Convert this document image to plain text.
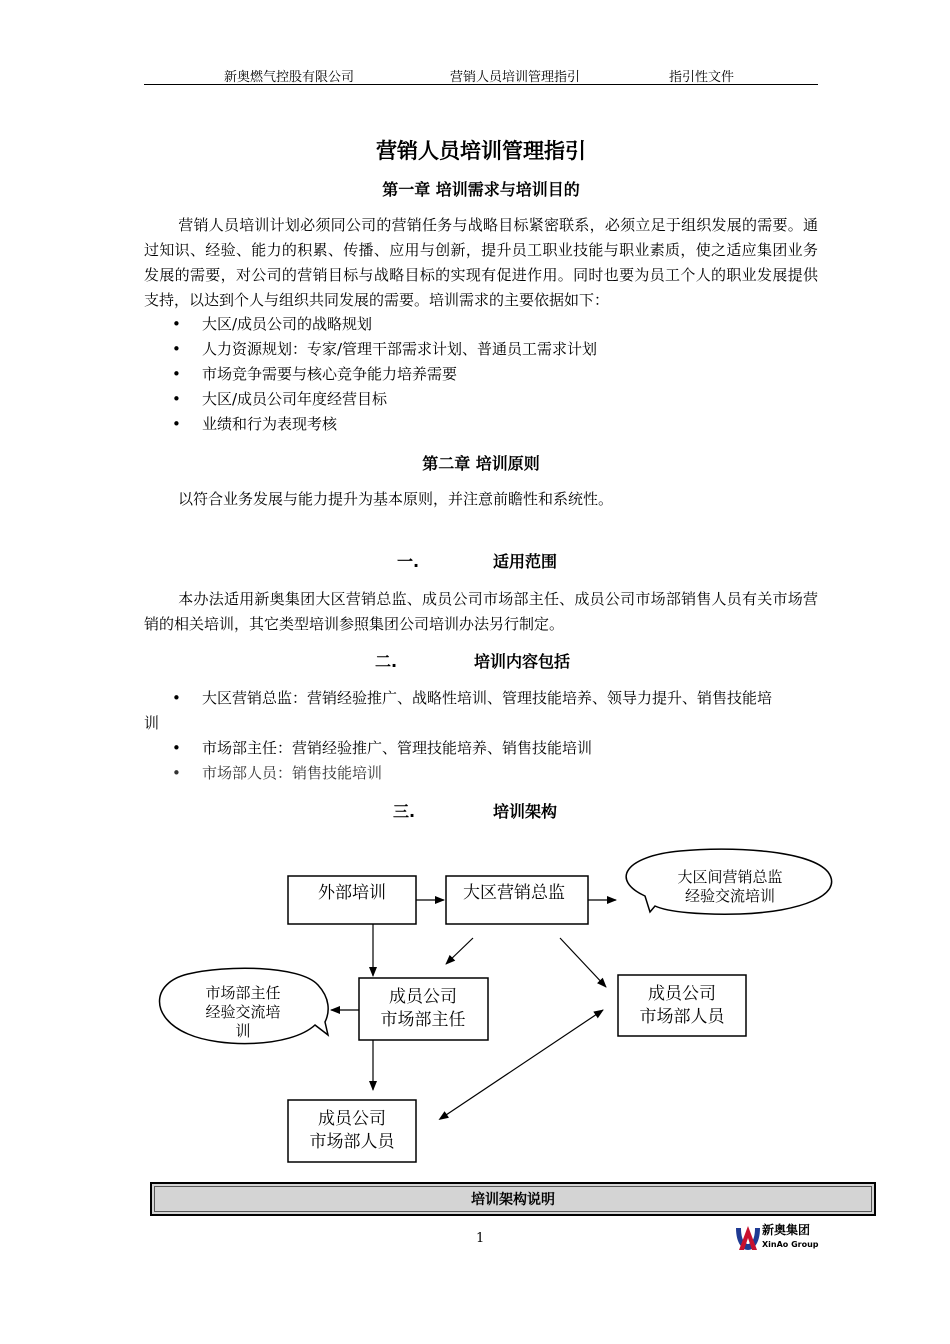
新奥燃气控股有限公司	营销人员培训管理指引	指引性文件
营销人员培训管理指引
第一章 培训需求与培训目的
营销人员培训计划必须同公司的营销任务与战略目标紧密联系，必须立足于组织发展的需要。通过知识、经验、能力的积累、传播、应用与创新，提升员工职业技能与职业素质，使之适应集团业务发展的需要，对公司的营销目标与战略目标的实现有促进作用。同时也要为员工个人的职业发展提供支持，以达到个人与组织共同发展的需要。培训需求的主要依据如下：
• 大区/成员公司的战略规划
• 人力资源规划：专家/管理干部需求计划、普通员工需求计划
• 市场竞争需要与核心竞争能力培养需要
• 大区/成员公司年度经营目标
• 业绩和行为表现考核
第二章 培训原则
以符合业务发展与能力提升为基本原则，并注意前瞻性和系统性。
一.	适用范围
本办法适用新奥集团大区营销总监、成员公司市场部主任、成员公司市场部销售人员有关市场营销的相关培训，其它类型培训参照集团公司培训办法另行制定。
二.	培训内容包括
• 大区营销总监：营销经验推广、战略性培训、管理技能培养、领导力提升、销售技能培
训
• 市场部主任：营销经验推广、管理技能培养、销售技能培训
• 市场部人员：销售技能培训
三.	培训架构
外部培训	大区营销总监
成员公司
市场部主任
成员公司
市场部人员
成员公司
市场部人员
大区间营销总监
经验交流培训
市场部主任
经验交流培
训
培训架构说明
1
新奥集团
XinAo Group
